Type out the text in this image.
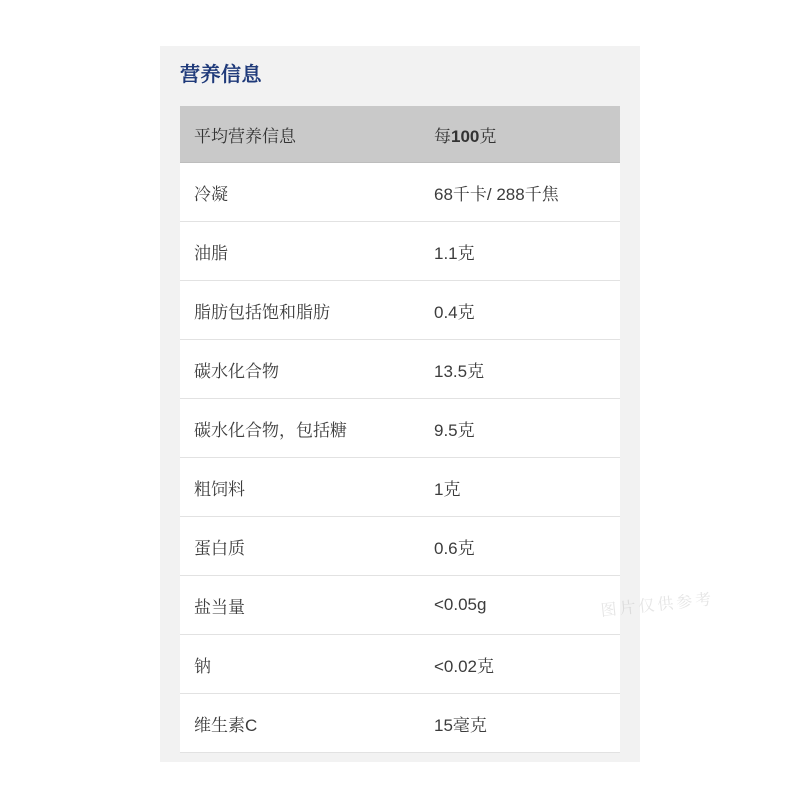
营养信息
平均营养信息	每100克
冷凝	68千卡/ 288千焦
油脂	1.1克
脂肪包括饱和脂肪	0.4克
碳水化合物	13.5克
碳水化合物，包括糖	9.5克
粗饲料	1克
蛋白质	0.6克
盐当量	<0.05g
钠	<0.02克
维生素C	15毫克
图片仅供参考
